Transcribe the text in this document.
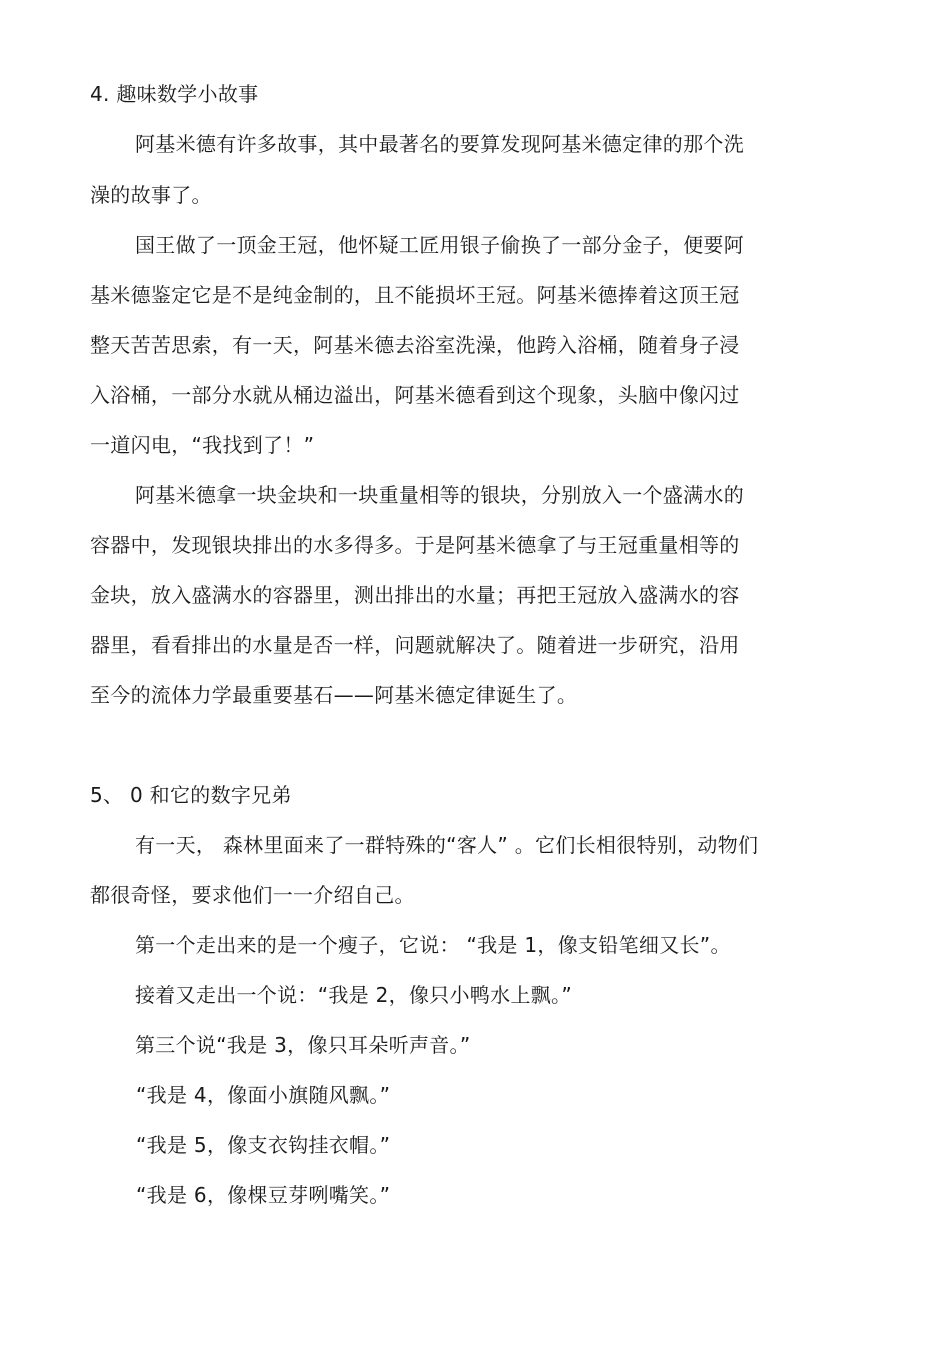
4. 趣味数学小故事
阿基米德有许多故事，其中最著名的要算发现阿基米德定律的那个洗
澡的故事了。
国王做了一顶金王冠，他怀疑工匠用银子偷换了一部分金子，便要阿
基米德鉴定它是不是纯金制的，且不能损坏王冠。阿基米德捧着这顶王冠
整天苦苦思索，有一天，阿基米德去浴室洗澡，他跨入浴桶，随着身子浸
入浴桶，一部分水就从桶边溢出，阿基米德看到这个现象，头脑中像闪过
一道闪电，“我找到了！”
阿基米德拿一块金块和一块重量相等的银块，分别放入一个盛满水的
容器中，发现银块排出的水多得多。于是阿基米德拿了与王冠重量相等的
金块，放入盛满水的容器里，测出排出的水量；再把王冠放入盛满水的容
器里，看看排出的水量是否一样，问题就解决了。随着进一步研究，沿用
至今的流体力学最重要基石——阿基米德定律诞生了。
5、 0 和它的数字兄弟
有一天， 森林里面来了一群特殊的“客人” 。它们长相很特别，动物们
都很奇怪，要求他们一一介绍自己。
第一个走出来的是一个瘦子，它说： “我是 1，像支铅笔细又长”。
接着又走出一个说：“我是 2，像只小鸭水上飘。”
第三个说“我是 3，像只耳朵听声音。”
“我是 4，像面小旗随风飘。”
“我是 5，像支衣钩挂衣帽。”
“我是 6，像棵豆芽咧嘴笑。”
